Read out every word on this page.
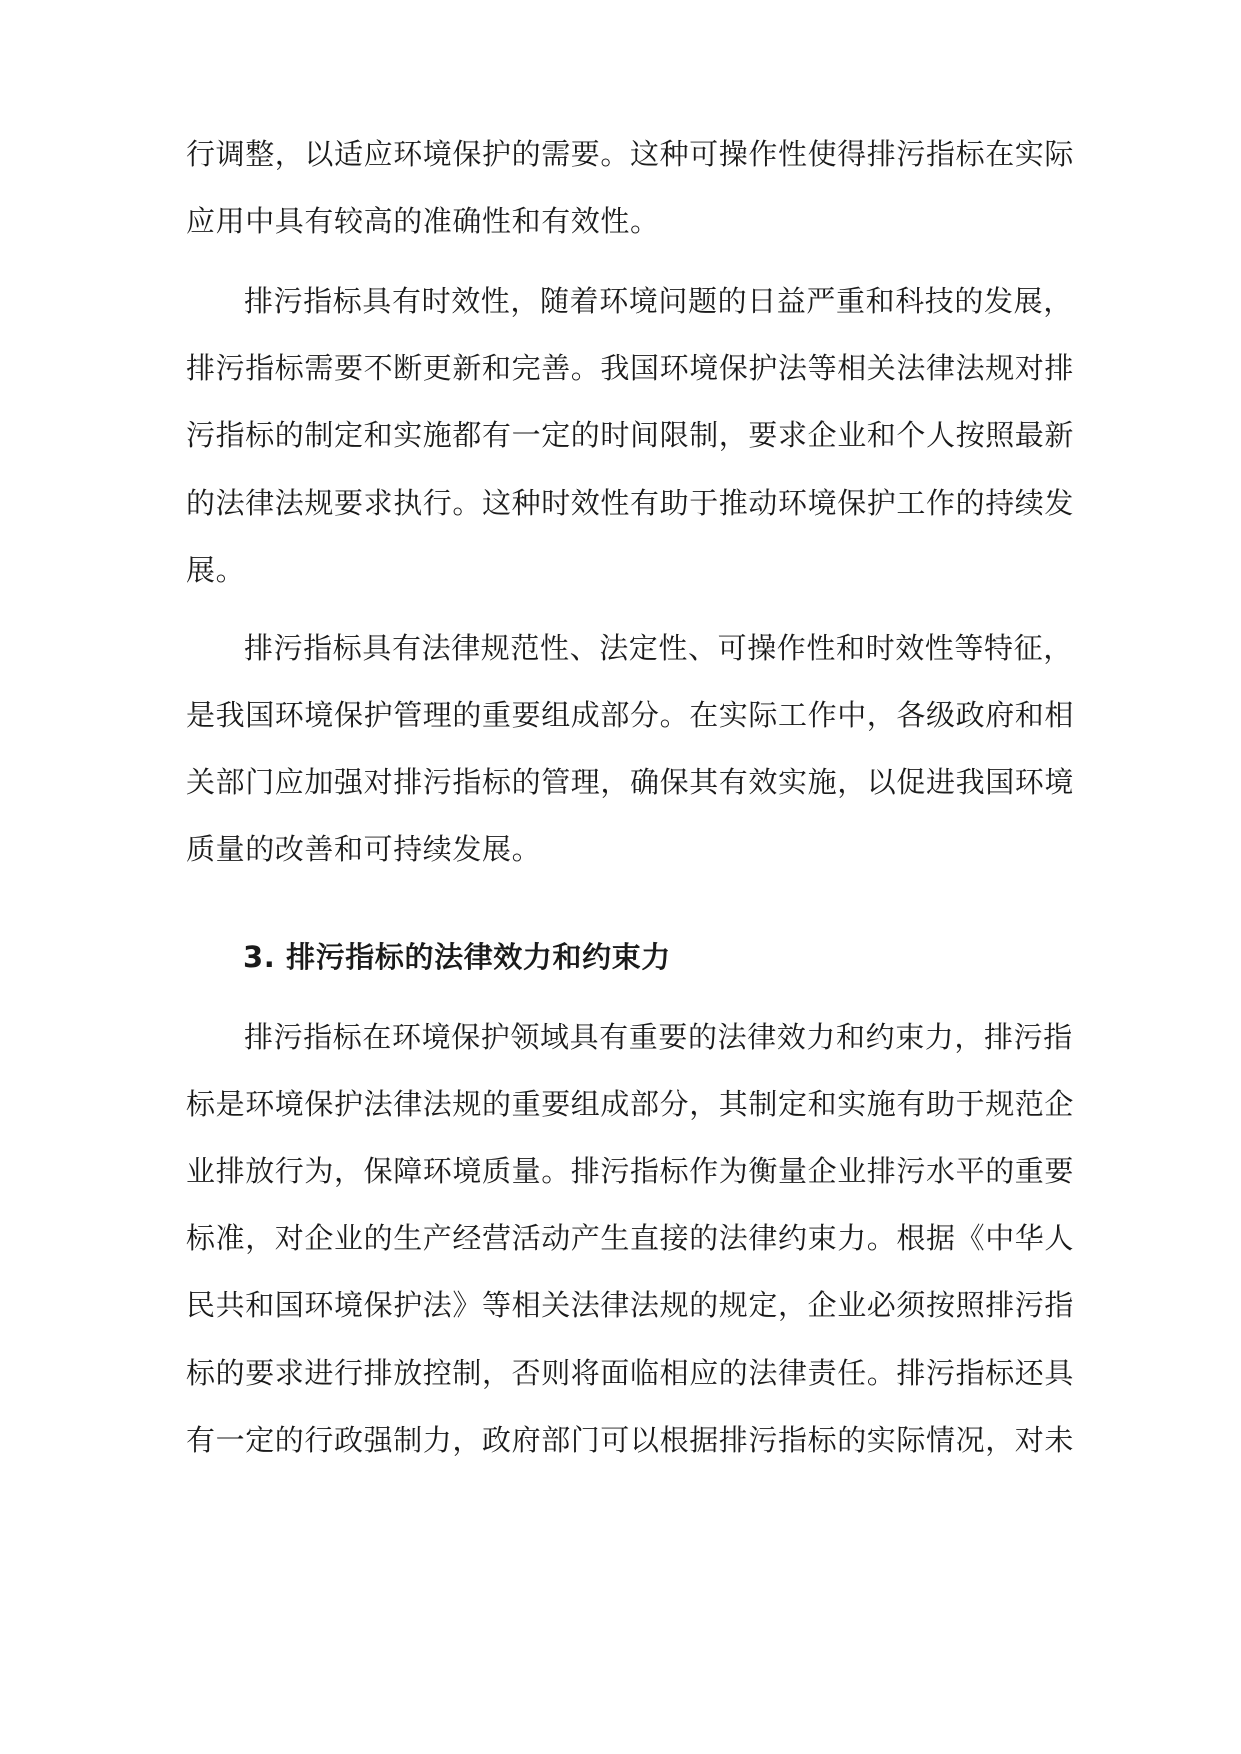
行调整，以适应环境保护的需要。这种可操作性使得排污指标在实际
应用中具有较高的准确性和有效性。
排污指标具有时效性，随着环境问题的日益严重和科技的发展，
排污指标需要不断更新和完善。我国环境保护法等相关法律法规对排
污指标的制定和实施都有一定的时间限制，要求企业和个人按照最新
的法律法规要求执行。这种时效性有助于推动环境保护工作的持续发
展。
排污指标具有法律规范性、法定性、可操作性和时效性等特征，
是我国环境保护管理的重要组成部分。在实际工作中，各级政府和相
关部门应加强对排污指标的管理，确保其有效实施，以促进我国环境
质量的改善和可持续发展。
3. 排污指标的法律效力和约束力
排污指标在环境保护领域具有重要的法律效力和约束力，排污指
标是环境保护法律法规的重要组成部分，其制定和实施有助于规范企
业排放行为，保障环境质量。排污指标作为衡量企业排污水平的重要
标准，对企业的生产经营活动产生直接的法律约束力。根据《中华人
民共和国环境保护法》等相关法律法规的规定，企业必须按照排污指
标的要求进行排放控制，否则将面临相应的法律责任。排污指标还具
有一定的行政强制力，政府部门可以根据排污指标的实际情况，对未
